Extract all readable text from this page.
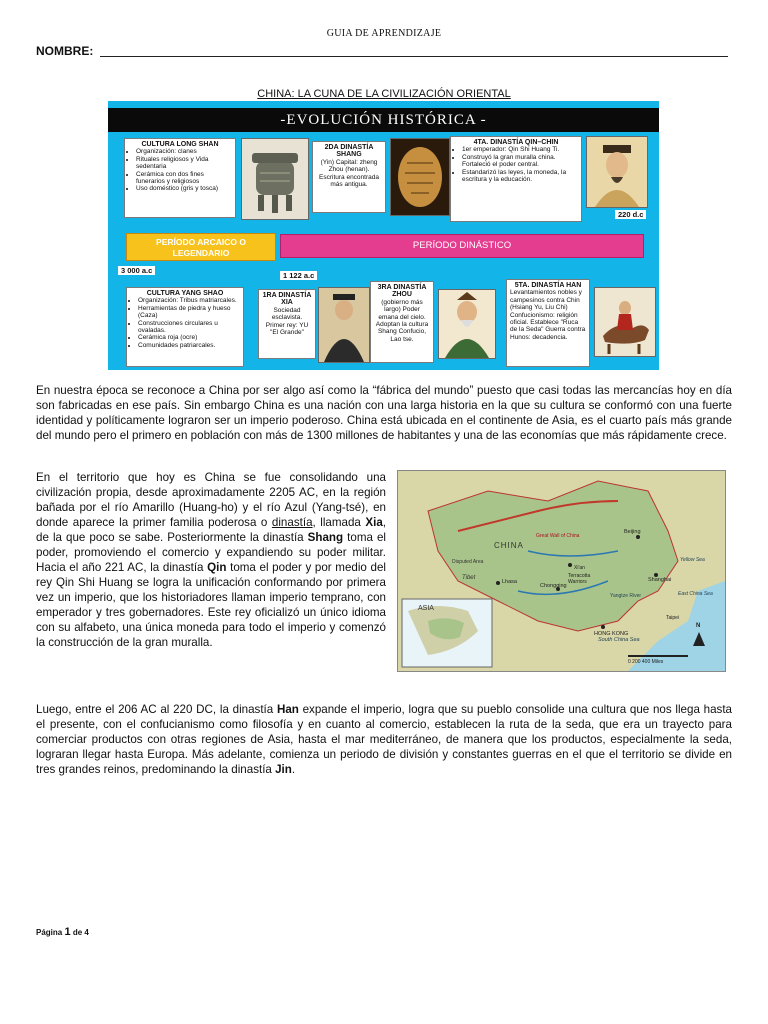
GUIA DE APRENDIZAJE
NOMBRE:
CHINA: LA CUNA DE LA CIVILIZACIÓN ORIENTAL
-EVOLUCIÓN HISTÓRICA -
CULTURA LONG SHAN
• Organización: clanes
• Rituales religiosos y Vida sedentaria
• Cerámica con dos fines funerarios y religiosos
• Uso doméstico (gris y tosca)
2DA DINASTÍA SHANG
(Yin) Capital: zheng Zhou (henan). Escritura encontrada más antigua.
4TA. DINASTÍA QIN–CHIN
• 1er emperador: Qin Shi Huang Ti.
• Construyó la gran muralla china. Fortaleció el poder central.
• Estandarizó las leyes, la moneda, la escritura y la educación.
220 d.c
PERÍODO ARCAICO O LEGENDARIO
PERÍODO DINÁSTICO
3 000 a.c
1 122 a.c
CULTURA YANG SHAO
• Organización: Tribus matriarcales.
• Herramientas de piedra y hueso (Caza)
• Construcciones circulares u ovaladas.
• Cerámica roja (ocre)
• Comunidades patriarcales.
1RA DINASTÍA XIA
Sociedad esclavista. Primer rey: YU "El Grande"
3RA DINASTÍA ZHOU
(gobierno más largo) Poder emana del cielo. Adoptan la cultura Shang Confucio, Lao tse.
5TA. DINASTÍA HAN
Levantamientos nobles y campesinos contra Chin (Hsiang Yu, Liu Chi) Confucionismo: religión oficial. Establece "Ruca de la Seda" Guerra contra Hunos: decadencia.
En nuestra época se reconoce a China por ser algo así como la “fábrica del mundo” puesto que casi todas las mercancías hoy en día son fabricadas en ese país. Sin embargo China es una nación con una larga historia en la que su cultura se conformó con una fuerte identidad y políticamente lograron ser un imperio poderoso. China está ubicada en el continente de Asia, es el cuarto país más grande del mundo pero el primero en población con más de 1300 millones de habitantes y una de las economías que más rápidamente crece.
En el territorio que hoy es China se fue consolidando una civilización propia, desde aproximadamente 2205 AC, en la región bañada por el río Amarillo (Huang-ho) y el río Azul (Yang-tsé), en donde aparece la primer familia poderosa o dinastía, llamada Xia, de la que poco se sabe. Posteriormente la dinastía Shang toma el poder, promoviendo el comercio y expandiendo su poder militar. Hacia el año 221 AC, la dinastía Qin toma el poder y por medio del rey Qin Shi Huang se logra la unificación conformando por primera vez un imperio, que los historiadores llaman imperio temprano, con emperador y tres gobernadores. Este rey oficializó un único idioma con su alfabeto, una única moneda para todo el imperio y comenzó la construcción de la gran muralla.
CHINA
ASIA
Disputed Area
Tibet
Great Wall of China
Beijing
Shanghai
Chongqing
Lhasa
HONG KONG
South China Sea
Yangtze River
Yellow Sea
East China Sea
Xi'an
Taipei
Terracotta Warriors
0 200 400 Miles
N
Luego, entre el 206 AC al 220 DC, la dinastía Han expande el imperio, logra que su pueblo consolide una cultura que nos llega hasta el presente, con el confucianismo como filosofía y en cuanto al comercio, establecen la ruta de la seda, que era un trayecto para comerciar productos con otras regiones de Asia, hasta el mar mediterráneo, de manera que los productos, especialmente la seda, lograran llegar hasta Europa. Más adelante, comienza un periodo de división y constantes guerras en el que el territorio se divide en tres grandes reinos, predominando la dinastía Jin.
Página 1 de 4
